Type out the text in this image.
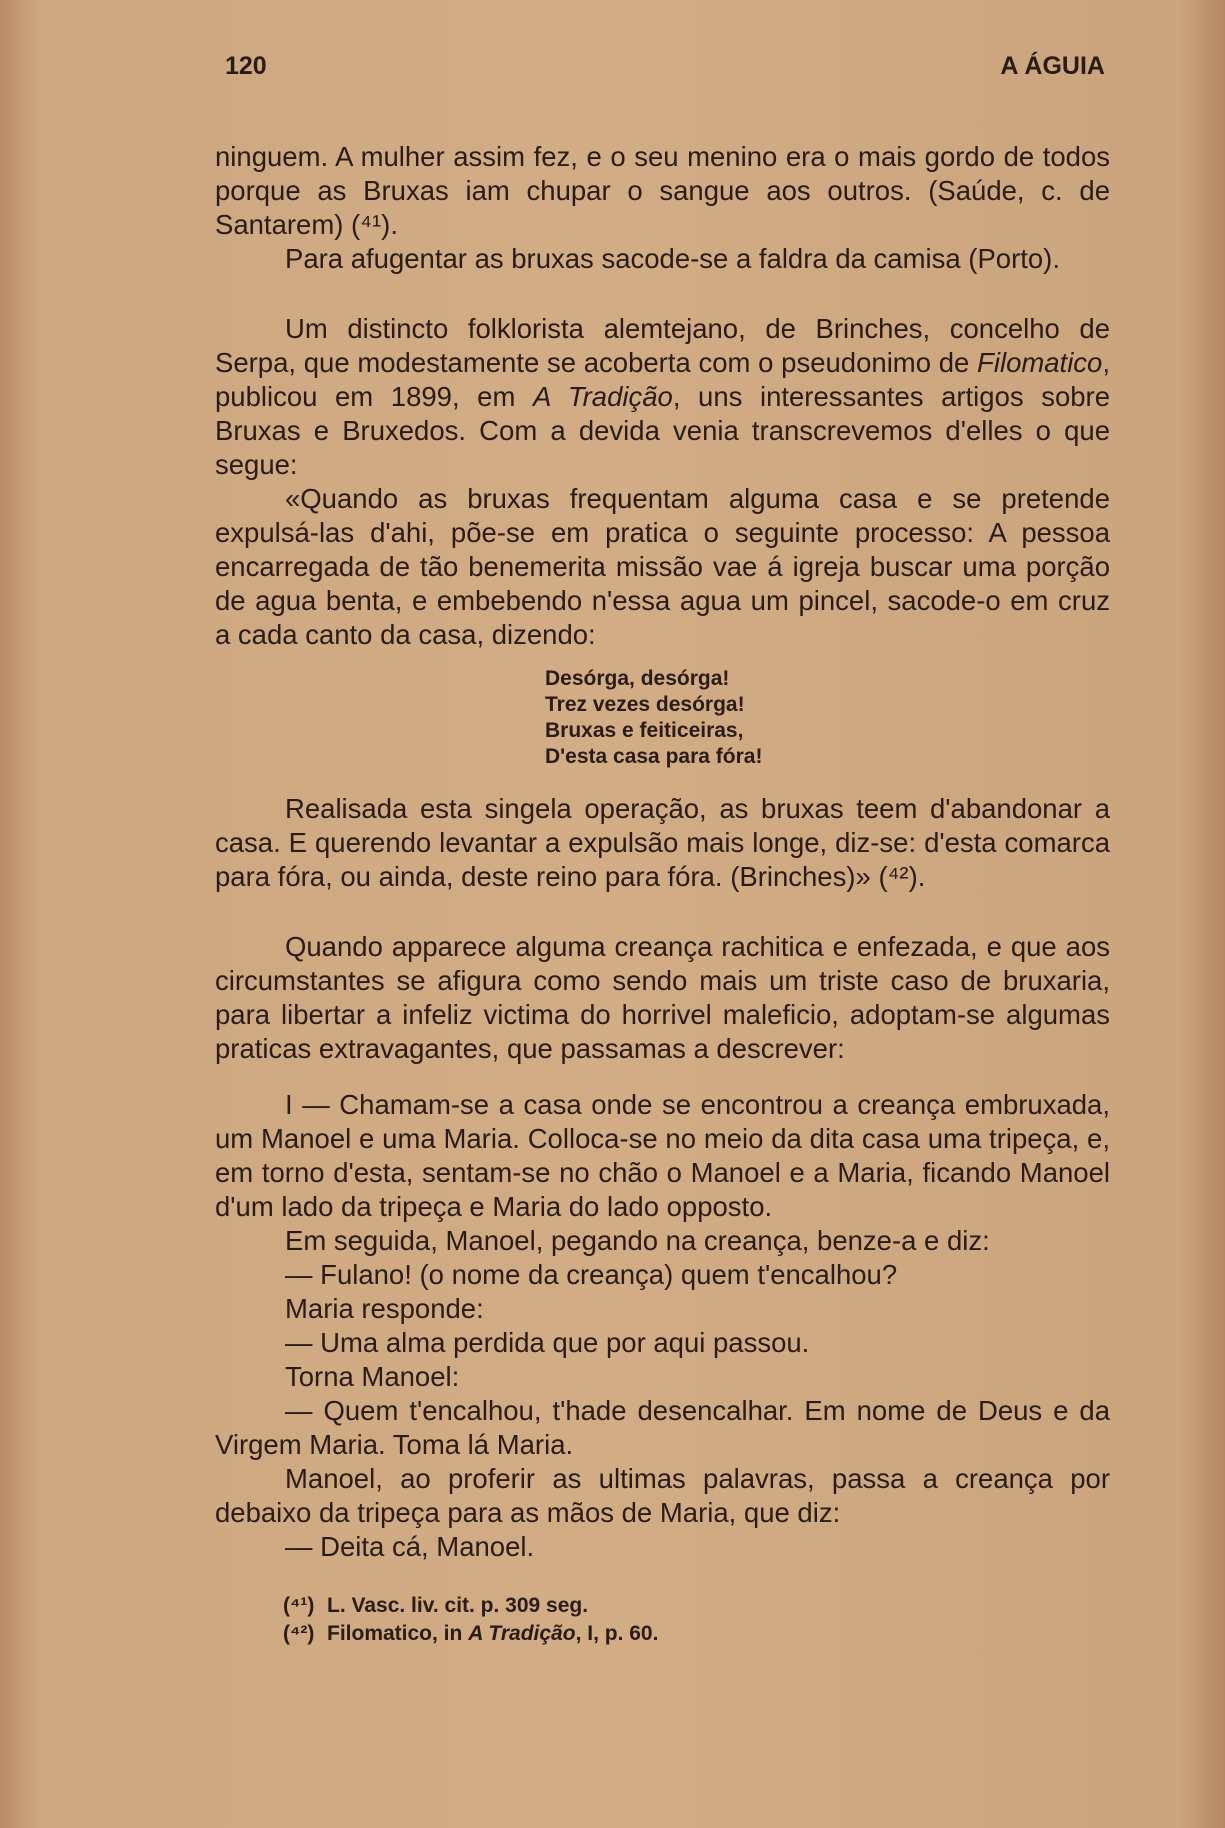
120	A ÁGUIA

ninguem. A mulher assim fez, e o seu menino era o mais gordo de todos porque as Bruxas iam chupar o sangue aos outros. (Saúde, c. de Santarem) (⁴¹).

Para afugentar as bruxas sacode-se a faldra da camisa (Porto).

Um distincto folklorista alemtejano, de Brinches, concelho de Serpa, que modestamente se acoberta com o pseudonimo de Filomatico, publicou em 1899, em A Tradição, uns interessantes artigos sobre Bruxas e Bruxedos. Com a devida venia transcrevemos d'elles o que segue:

«Quando as bruxas frequentam alguma casa e se pretende expulsá-las d'ahi, põe-se em pratica o seguinte processo: A pessoa encarregada de tão benemerita missão vae á igreja buscar uma porção de agua benta, e embebendo n'essa agua um pincel, sacode-o em cruz a cada canto da casa, dizendo:

Desórga, desórga!
Trez vezes desórga!
Bruxas e feiticeiras,
D'esta casa para fóra!

Realisada esta singela operação, as bruxas teem d'abandonar a casa. E querendo levantar a expulsão mais longe, diz-se: d'esta comarca para fóra, ou ainda, deste reino para fóra. (Brinches)» (⁴²).

Quando apparece alguma creança rachitica e enfezada, e que aos circumstantes se afigura como sendo mais um triste caso de bruxaria, para libertar a infeliz victima do horrivel maleficio, adoptam-se algumas praticas extravagantes, que passamas a descrever:

I — Chamam-se a casa onde se encontrou a creança embruxada, um Manoel e uma Maria. Colloca-se no meio da dita casa uma tripeça, e, em torno d'esta, sentam-se no chão o Manoel e a Maria, ficando Manoel d'um lado da tripeça e Maria do lado opposto.

Em seguida, Manoel, pegando na creança, benze-a e diz:

— Fulano! (o nome da creança) quem t'encalhou?

Maria responde:

— Uma alma perdida que por aqui passou.

Torna Manoel:

— Quem t'encalhou, t'hade desencalhar. Em nome de Deus e da Virgem Maria. Toma lá Maria.

Manoel, ao proferir as ultimas palavras, passa a creança por debaixo da tripeça para as mãos de Maria, que diz:

— Deita cá, Manoel.

(⁴¹) L. Vasc. liv. cit. p. 309 seg.
(⁴²) Filomatico, in A Tradição, I, p. 60.
